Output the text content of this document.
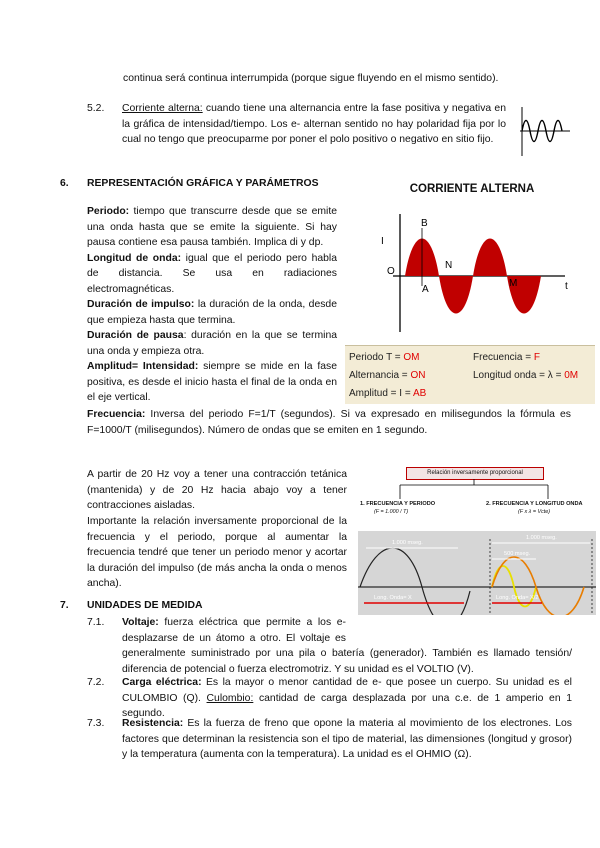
continua será continua interrumpida (porque sigue fluyendo en el mismo sentido).

5.2. Corriente alterna: cuando tiene una alternancia entre la fase positiva y negativa en la gráfica de intensidad/tiempo. Los e- alternan sentido no hay polaridad fija por lo cual no tengo que preocuparme por poner el polo positivo o negativo en sitio fijo.

6. REPRESENTACIÓN GRÁFICA Y PARÁMETROS

Periodo: tiempo que transcurre desde que se emite una onda hasta que se emite la siguiente. Si hay pausa contiene esa pausa también. Implica di y dp.

Longitud de onda: igual que el periodo pero habla de distancia. Se usa en radiaciones electromagnéticas.

Duración de impulso: la duración de la onda, desde que empieza hasta que termina.

Duración de pausa: duración en la que se termina una onda y empieza otra.

Amplitud= Intensidad: siempre se mide en la fase positiva, es desde el inicio hasta el final de la onda en el eje vertical.

Frecuencia: Inversa del periodo F=1/T (segundos). Si va expresado en milisegundos la fórmula es F=1000/T (milisegundos). Número de ondas que se emiten en 1 segundo.

CORRIENTE ALTERNA
I
O
B
N
A
M	t
Periodo T = OM	Frecuencia = F
Alternancia = ON	Longitud onda = λ = 0M
Amplitud = I = AB

A partir de 20 Hz voy a tener una contracción tetánica (mantenida) y de 20 Hz hacia abajo voy a tener contracciones aisladas.

Importante la relación inversamente proporcional de la frecuencia y el periodo, porque al aumentar la frecuencia tendré que tener un periodo menor y acortar la duración del impulso (de más ancha la onda o menos ancha).

Relación inversamente proporcional
1. FRECUENCIA Y PERIODO
(F = 1.000 / T)
2. FRECUENCIA Y LONGITUD ONDA
(F x λ = Vcte)
1.000 mseg.
1.000 mseg.
500 mseg.
Long. Onda= X	Long. Onda= X/2
7. UNIDADES DE MEDIDA
7.1. Voltaje: fuerza eléctrica que permite a los e- desplazarse de un átomo a otro. El voltaje es generalmente suministrado por una pila o batería (generador). También es llamado tensión/ diferencia de potencial o fuerza electromotriz. Y su unidad es el VOLTIO (V).

7.2. Carga eléctrica: Es la mayor o menor cantidad de e- que posee un cuerpo. Su unidad es el CULOMBIO (Q). Culombio: cantidad de carga desplazada por una c.e. de 1 amperio en 1 segundo.

7.3. Resistencia: Es la fuerza de freno que opone la materia al movimiento de los electrones. Los factores que determinan la resistencia son el tipo de material, las dimensiones (longitud y grosor) y la temperatura (aumenta con la temperatura). La unidad es el OHMIO (Ω).
